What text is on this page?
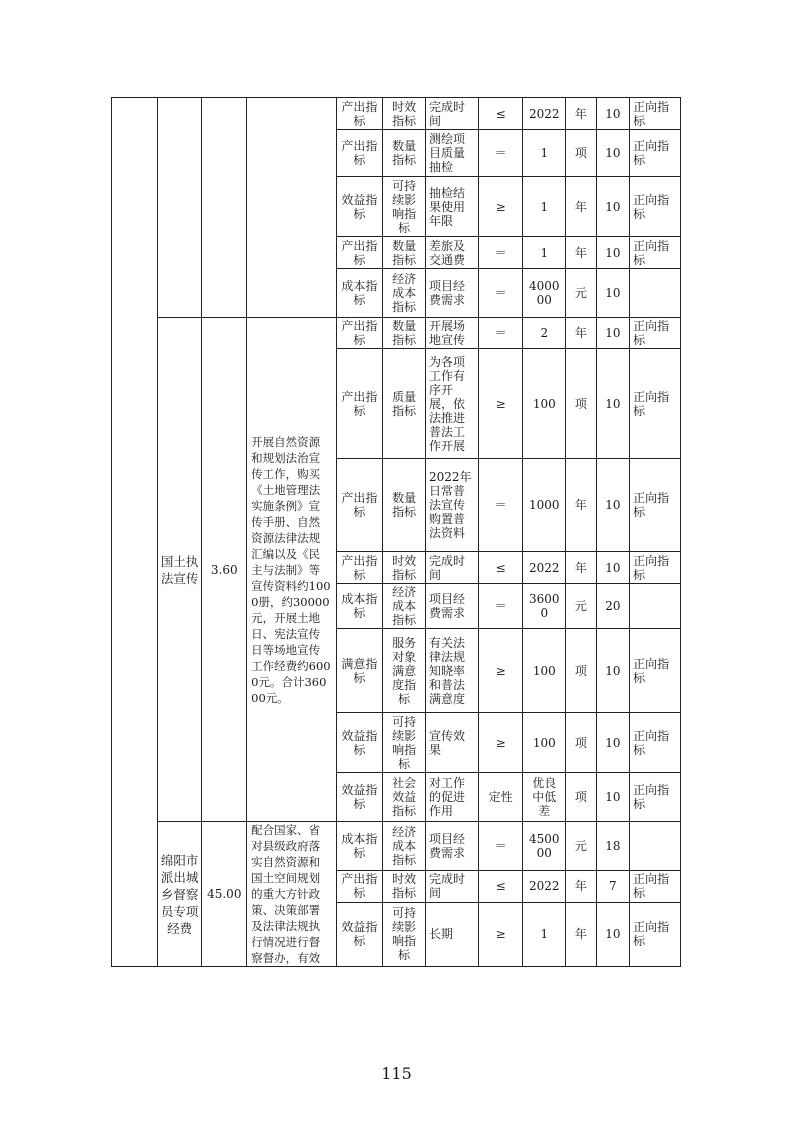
				产出指标	时效指标	完成时间	≤	2022	年	10	正向指标
				产出指标	数量指标	测绘项目质量抽检	＝	1	项	10	正向指标
				效益指标	可持续影响指标	抽检结果使用年限	≥	1	年	10	正向指标
				产出指标	数量指标	差旅及交通费	＝	1	年	10	正向指标
				成本指标	经济成本指标	项目经费需求	＝	400000	元	10	
	国土执法宣传	3.60	开展自然资源和规划法治宣传工作，购买《土地管理法实施条例》宣传手册、自然资源法律法规汇编以及《民主与法制》等宣传资料约1000册，约30000元，开展土地日、宪法宣传日等场地宣传工作经费约6000元。合计36000元。	产出指标	数量指标	开展场地宣传	＝	2	年	10	正向指标
				产出指标	质量指标	为各项工作有序开展，依法推进普法工作开展	≥	100	项	10	正向指标
				产出指标	数量指标	2022年日常普法宣传购置普法资料	＝	1000	年	10	正向指标
				产出指标	时效指标	完成时间	≤	2022	年	10	正向指标
				成本指标	经济成本指标	项目经费需求	＝	36000	元	20	
				满意指标	服务对象满意度指标	有关法律法规知晓率和普法满意度	≥	100	项	10	正向指标
				效益指标	可持续影响指标	宣传效果	≥	100	项	10	正向指标
				效益指标	社会效益指标	对工作的促进作用	定性	优良中低差	项	10	正向指标
	绵阳市派出城乡督察员专项经费	45.00	配合国家、省对县级政府落实自然资源和国土空间规划的重大方针政策、决策部署及法律法规执行情况进行督察督办，有效	成本指标	经济成本指标	项目经费需求	＝	450000	元	18	
				产出指标	时效指标	完成时间	≤	2022	年	7	正向指标
				效益指标	可持续影响指标	长期	≥	1	年	10	正向指标
115
